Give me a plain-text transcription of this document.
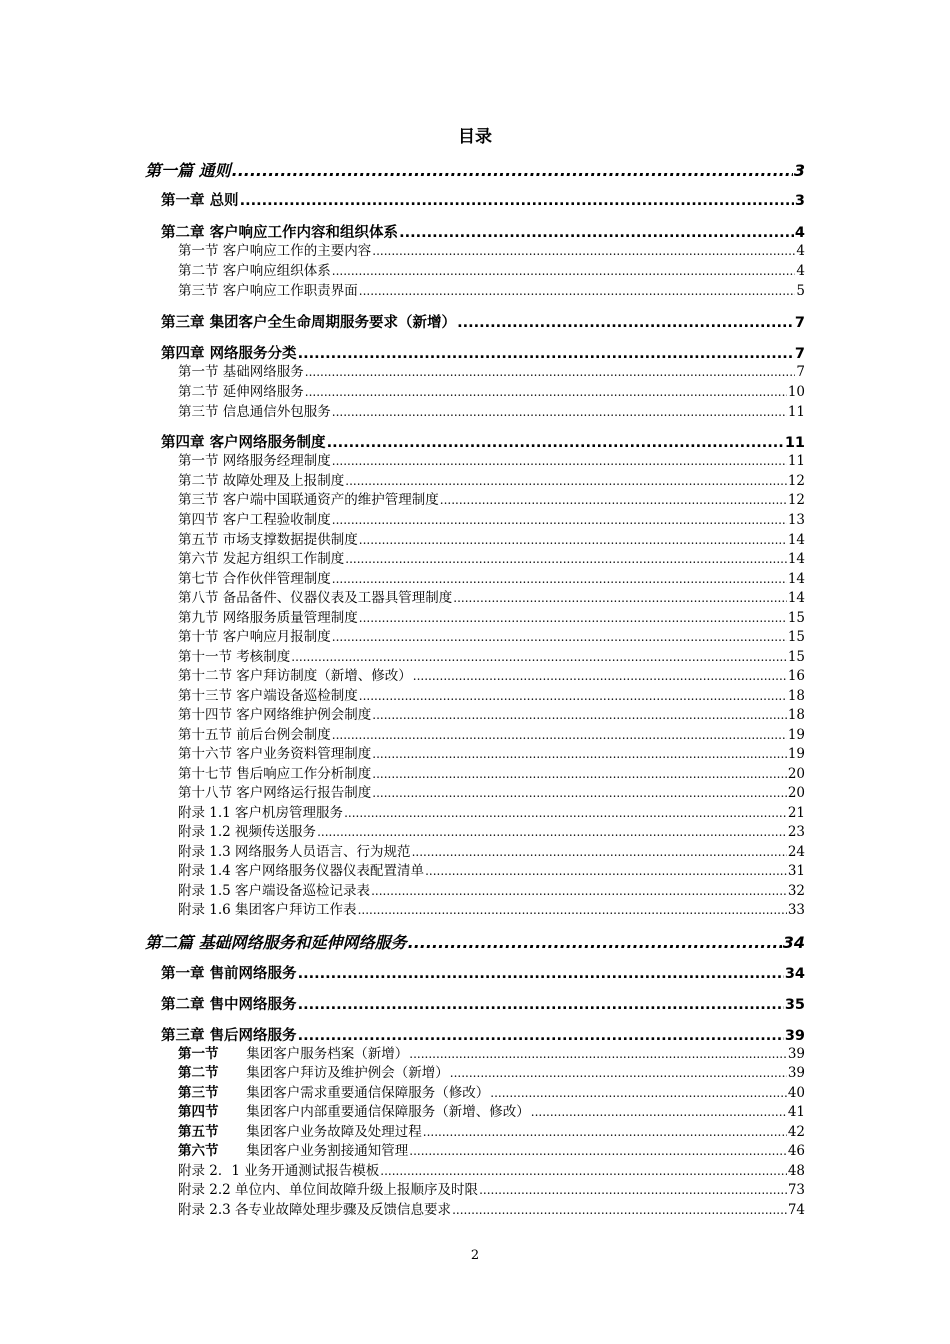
目录
第一篇 通则 .....	3
第一章 总则 .....	3
第二章 客户响应工作内容和组织体系 .....	4
第一节 客户响应工作的主要内容 .....	4
第二节 客户响应组织体系 .....	4
第三节 客户响应工作职责界面 .....	5
第三章 集团客户全生命周期服务要求（新增） .....	7
第四章 网络服务分类 .....	7
第一节 基础网络服务 .....	7
第二节 延伸网络服务 .....	10
第三节 信息通信外包服务 .....	11
第四章 客户网络服务制度 .....	11
第一节 网络服务经理制度 .....	11
第二节 故障处理及上报制度 .....	12
第三节 客户端中国联通资产的维护管理制度 .....	12
第四节 客户工程验收制度 .....	13
第五节 市场支撑数据提供制度 .....	14
第六节 发起方组织工作制度 .....	14
第七节 合作伙伴管理制度 .....	14
第八节 备品备件、仪器仪表及工器具管理制度 .....	14
第九节 网络服务质量管理制度 .....	15
第十节 客户响应月报制度 .....	15
第十一节 考核制度 .....	15
第十二节 客户拜访制度（新增、修改） .....	16
第十三节 客户端设备巡检制度 .....	18
第十四节 客户网络维护例会制度 .....	18
第十五节 前后台例会制度 .....	19
第十六节 客户业务资料管理制度 .....	19
第十七节 售后响应工作分析制度 .....	20
第十八节 客户网络运行报告制度 .....	20
附录 1.1 客户机房管理服务 .....	21
附录 1.2 视频传送服务 .....	23
附录 1.3 网络服务人员语言、行为规范 .....	24
附录 1.4 客户网络服务仪器仪表配置清单 .....	31
附录 1.5 客户端设备巡检记录表 .....	32
附录 1.6 集团客户拜访工作表 .....	33
第二篇 基础网络服务和延伸网络服务 .....	34
第一章 售前网络服务 .....	34
第二章 售中网络服务 .....	35
第三章 售后网络服务 .....	39
第一节 集团客户服务档案（新增） .....	39
第二节 集团客户拜访及维护例会（新增） .....	39
第三节 集团客户需求重要通信保障服务（修改） .....	40
第四节 集团客户内部重要通信保障服务（新增、修改） .....	41
第五节 集团客户业务故障及处理过程 .....	42
第六节 集团客户业务割接通知管理 .....	46
附录 2．1 业务开通测试报告模板 .....	48
附录 2.2 单位内、单位间故障升级上报顺序及时限 .....	73
附录 2.3 各专业故障处理步骤及反馈信息要求 .....	74
2
